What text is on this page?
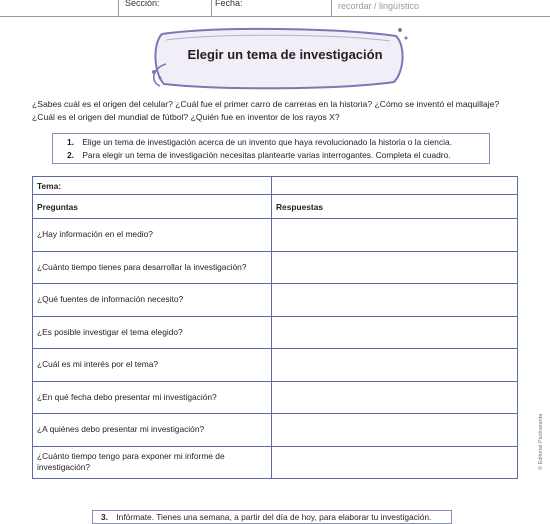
Sección:	Fecha:	recordar / lingüístico
Elegir un tema de investigación
¿Sabes cuál es el origen del celular? ¿Cuál fue el primer carro de carreras en la historia? ¿Cómo se inventó el maquillaje?
¿Cuál es el origen del mundial de fútbol? ¿Quién fue en inventor de los rayos X?
1. Elige un tema de investigación acerca de un invento que haya revolucionado la historia o la ciencia.
2. Para elegir un tema de investigación necesitas plantearte varias interrogantes. Completa el cuadro.
Tema:	
Preguntas	Respuestas
¿Hay información en el medio?	
¿Cuánto tiempo tienes para desarrollar la investigación?	
¿Qué fuentes de información necesito?	
¿Es posible investigar el tema elegido?	
¿Cuál es mi interés por el tema?	
¿En qué fecha debo presentar mi investigación?	
¿A quiénes debo presentar mi investigación?	
¿Cuánto tiempo tengo para exponer mi informe de investigación?		© Editorial Piedrasanta
3. Infórmate. Tienes una semana, a partir del día de hoy, para elaborar tu investigación.
